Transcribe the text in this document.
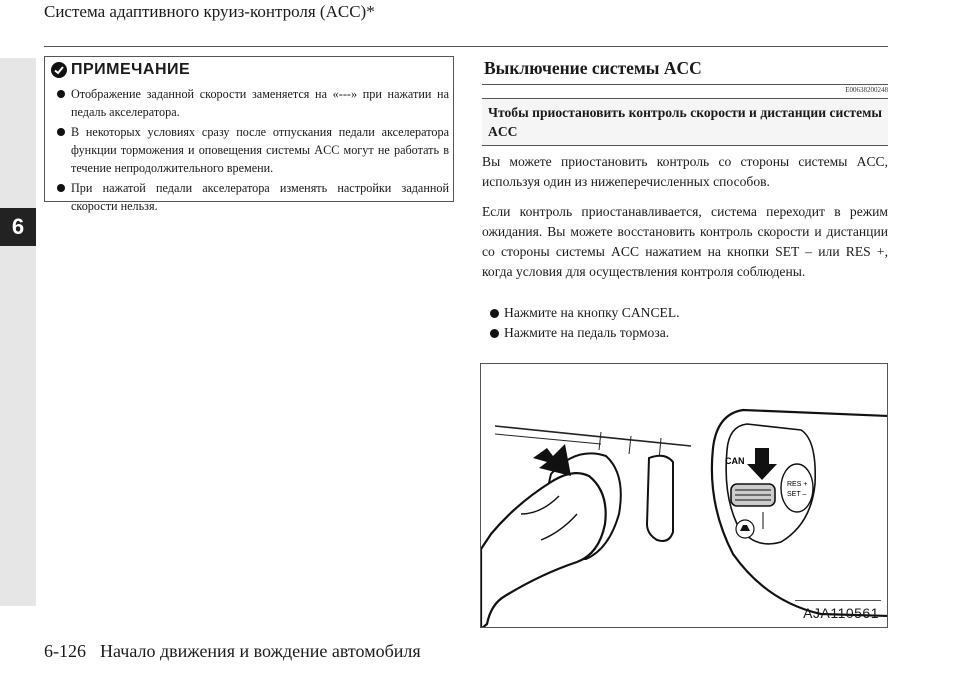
6
Система адаптивного круиз-контроля (ACC)*
ПРИМЕЧАНИЕ
Отображение заданной скорости заменяется на «---» при нажатии на педаль акселератора.
В некоторых условиях сразу после отпускания педали акселератора функции торможения и оповещения системы ACC могут не работать в течение непродолжительного времени.
При нажатой педали акселератора изменять настройки заданной скорости нельзя.
Выключение системы ACC
E00638200248
Чтобы приостановить контроль скорости и дистанции системы ACC
Вы можете приостановить контроль со стороны системы ACC, используя один из нижеперечисленных способов.
Если контроль приостанавливается, система переходит в режим ожидания. Вы можете восстановить контроль скорости и дистанции со стороны системы ACC нажатием на кнопки SET – или RES +, когда условия для осуществления контроля соблюдены.
Нажмите на кнопку CANCEL.
Нажмите на педаль тормоза.
CAN
RES +
SET –
AJA110561
6-126 Начало движения и вождение автомобиля
